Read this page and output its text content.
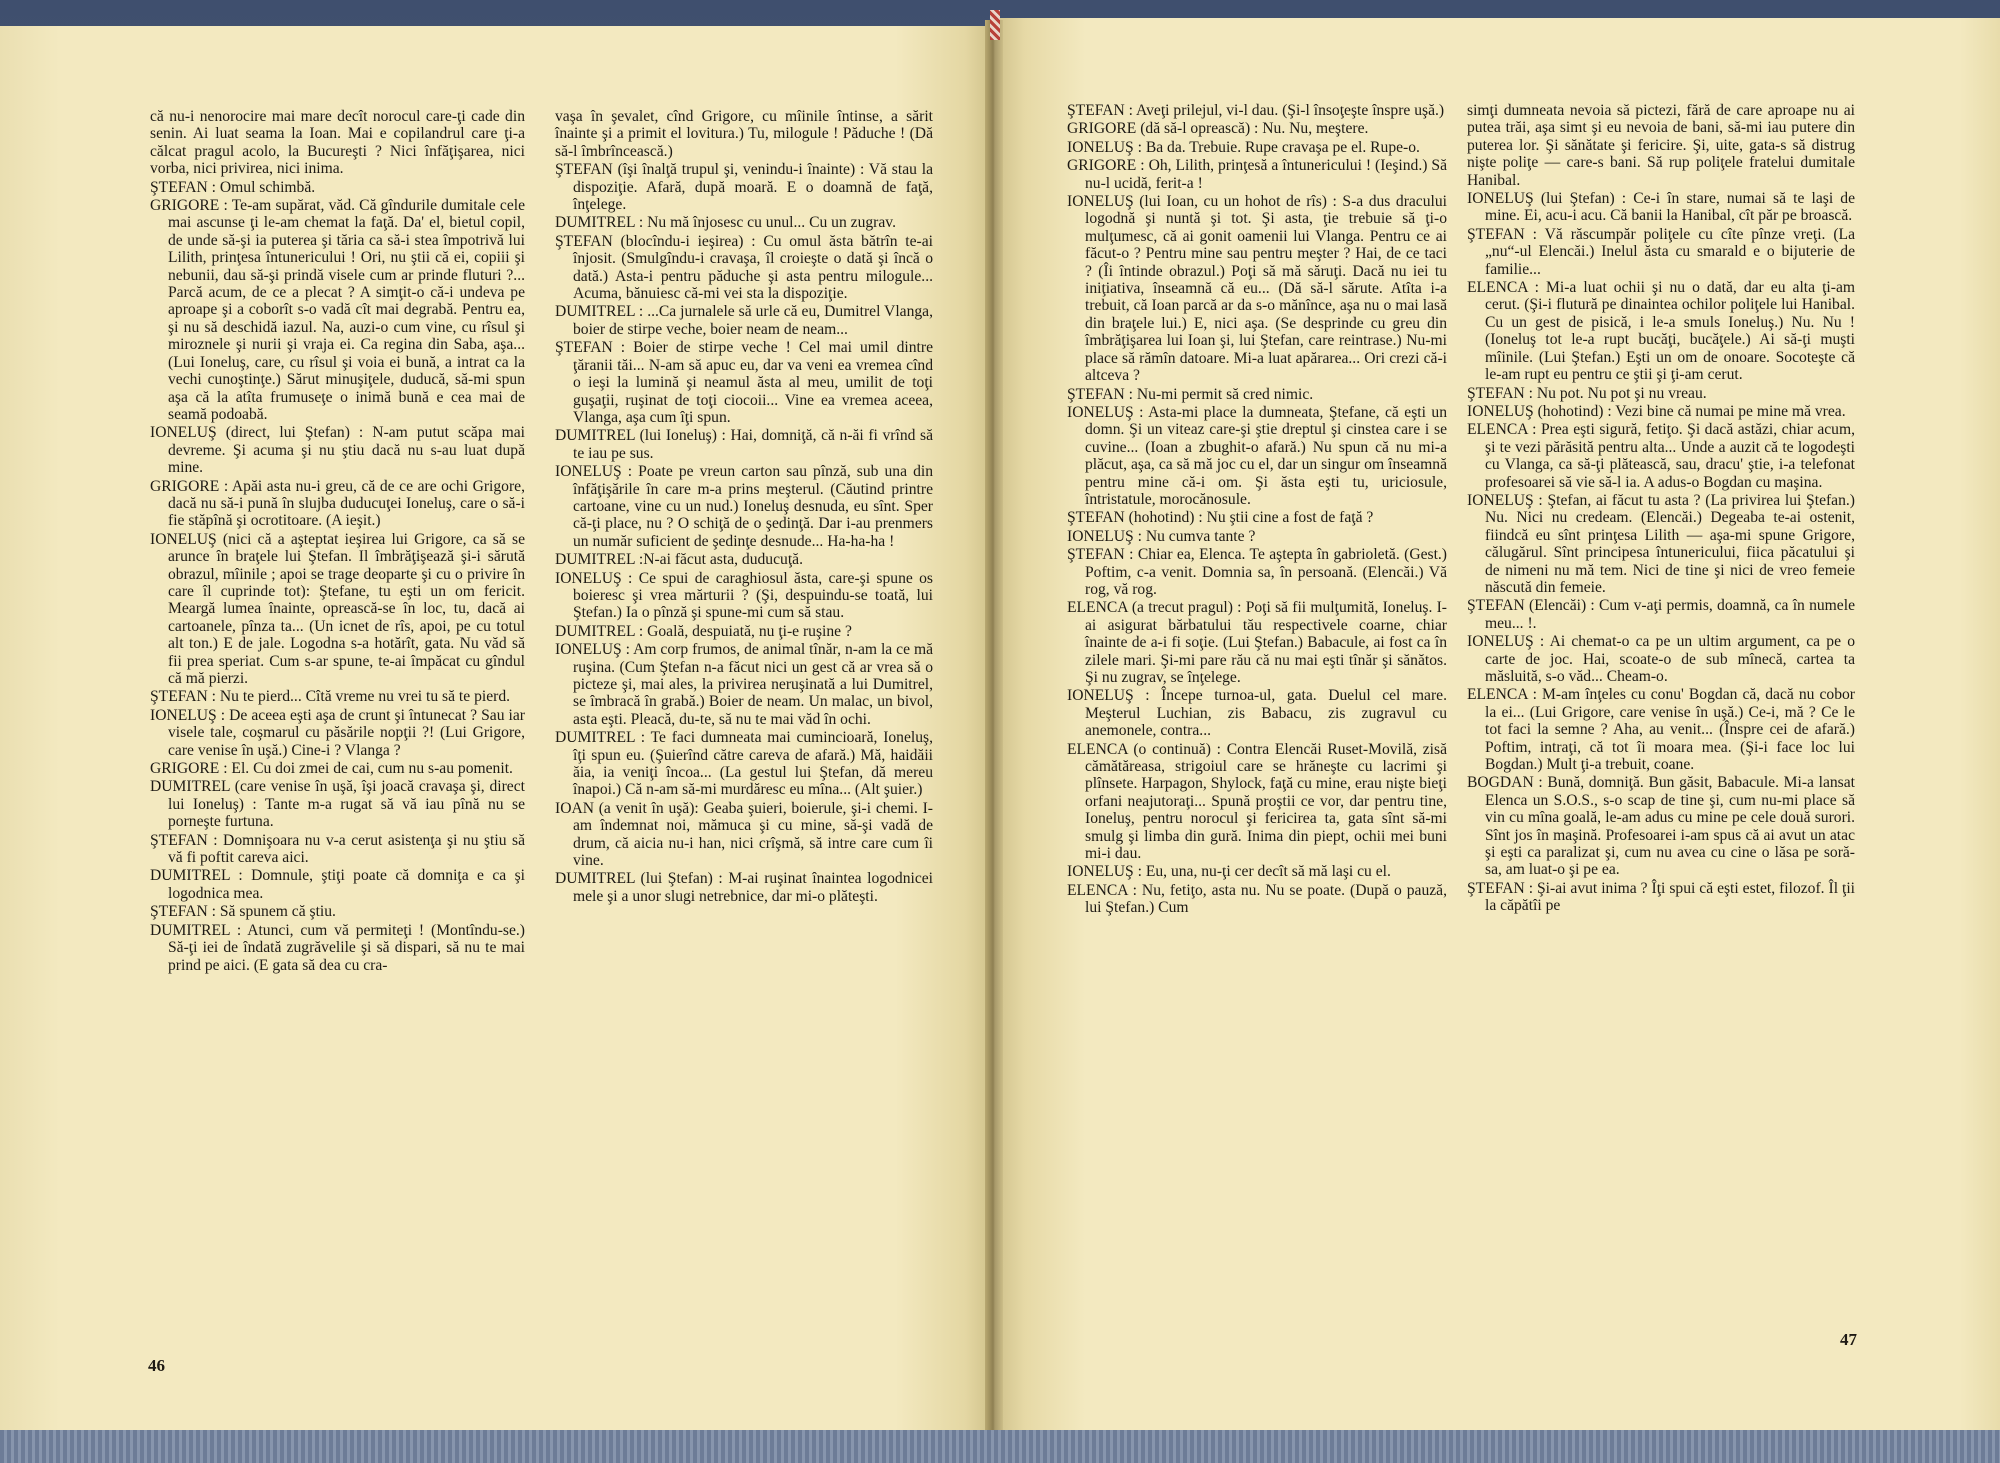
că nu-i nenorocire mai mare decît norocul care-ţi cade din senin. Ai luat seama la Ioan. Mai e copilandrul care ţi-a călcat pragul acolo, la Bucureşti ? Nici înfăţişarea, nici vorba, nici privirea, nici inima.

ŞTEFAN : Omul schimbă.

GRIGORE : Te-am supărat, văd. Că gîndurile dumitale cele mai ascunse ţi le-am chemat la faţă. Da' el, bietul copil, de unde să-şi ia puterea şi tăria ca să-i stea împotrivă lui Lilith, prinţesa întunericului ! Ori, nu ştii că ei, copiii şi nebunii, dau să-şi prindă visele cum ar prinde fluturi ?... Parcă acum, de ce a plecat ? A simţit-o că-i undeva pe aproape şi a coborît s-o vadă cît mai degrabă. Pentru ea, şi nu să deschidă iazul. Na, auzi-o cum vine, cu rîsul şi miroznele şi nurii şi vraja ei. Ca regina din Saba, aşa... (Lui Ioneluş, care, cu rîsul şi voia ei bună, a intrat ca la vechi cunoştinţe.) Sărut minuşiţele, duducă, să-mi spun aşa că la atîta frumuseţe o inimă bună e cea mai de seamă podoabă.

IONELUŞ (direct, lui Ştefan) : N-am putut scăpa mai devreme. Şi acuma şi nu ştiu dacă nu s-au luat după mine.

GRIGORE : Apăi asta nu-i greu, că de ce are ochi Grigore, dacă nu să-i pună în slujba duducuţei Ioneluş, care o să-i fie stăpînă şi ocrotitoare. (A ieşit.)

IONELUŞ (nici că a aşteptat ieşirea lui Grigore, ca să se arunce în braţele lui Ştefan. Il îmbrăţişează şi-i sărută obrazul, mîinile ; apoi se trage deoparte şi cu o privire în care îl cuprinde tot): Ştefane, tu eşti un om fericit. Meargă lumea înainte, oprească-se în loc, tu, dacă ai cartoanele, pînza ta... (Un icnet de rîs, apoi, pe cu totul alt ton.) E de jale. Logodna s-a hotărît, gata. Nu văd să fii prea speriat. Cum s-ar spune, te-ai împăcat cu gîndul că mă pierzi.

ŞTEFAN : Nu te pierd... Cîtă vreme nu vrei tu să te pierd.

IONELUŞ : De aceea eşti aşa de crunt şi întunecat ? Sau iar visele tale, coşmarul cu păsările nopţii ?! (Lui Grigore, care venise în uşă.) Cine-i ? Vlanga ?

GRIGORE : El. Cu doi zmei de cai, cum nu s-au pomenit.

DUMITREL (care venise în uşă, îşi joacă cravaşa şi, direct lui Ioneluş) : Tante m-a rugat să vă iau pînă nu se porneşte furtuna.

ŞTEFAN : Domnişoara nu v-a cerut asistenţa şi nu ştiu să vă fi poftit careva aici.

DUMITREL : Domnule, ştiţi poate că domniţa e ca şi logodnica mea.

ŞTEFAN : Să spunem că ştiu.

DUMITREL : Atunci, cum vă permiteţi ! (Montîndu-se.) Să-ţi iei de îndată zugrăvelile şi să dispari, să nu te mai prind pe aici. (E gata să dea cu cra-

vaşa în şevalet, cînd Grigore, cu mîinile întinse, a sărit înainte şi a primit el lovitura.) Tu, milogule ! Păduche ! (Dă să-l îmbrîncească.)

ŞTEFAN (îşi înalţă trupul şi, venindu-i înainte) : Vă stau la dispoziţie. Afară, după moară. E o doamnă de faţă, înţelege.

DUMITREL : Nu mă înjosesc cu unul... Cu un zugrav.

ŞTEFAN (blocîndu-i ieşirea) : Cu omul ăsta bătrîn te-ai înjosit. (Smulgîndu-i cravaşa, îl croieşte o dată şi încă o dată.) Asta-i pentru păduche şi asta pentru milogule... Acuma, bănuiesc că-mi vei sta la dispoziţie.

DUMITREL : ...Ca jurnalele să urle că eu, Dumitrel Vlanga, boier de stirpe veche, boier neam de neam...

ŞTEFAN : Boier de stirpe veche ! Cel mai umil dintre ţăranii tăi... N-am să apuc eu, dar va veni ea vremea cînd o ieşi la lumină şi neamul ăsta al meu, umilit de toţi guşaţii, ruşinat de toţi ciocoii... Vine ea vremea aceea, Vlanga, aşa cum îţi spun.

DUMITREL (lui Ioneluş) : Hai, domniţă, că n-ăi fi vrînd să te iau pe sus.

IONELUŞ : Poate pe vreun carton sau pînză, sub una din înfăţişările în care m-a prins meşterul. (Căutind printre cartoane, vine cu un nud.) Ioneluş desnuda, eu sînt. Sper că-ţi place, nu ? O schiţă de o şedinţă. Dar i-au prenmers un număr suficient de şedinţe desnude... Ha-ha-ha !

DUMITREL :N-ai făcut asta, duducuţă.

IONELUŞ : Ce spui de caraghiosul ăsta, care-şi spune os boieresc şi vrea mărturii ? (Şi, despuindu-se toată, lui Ştefan.) Ia o pînză şi spune-mi cum să stau.

DUMITREL : Goală, despuiată, nu ţi-e ruşine ?

IONELUŞ : Am corp frumos, de animal tînăr, n-am la ce mă ruşina. (Cum Ştefan n-a făcut nici un gest că ar vrea să o picteze şi, mai ales, la privirea neruşinată a lui Dumitrel, se îmbracă în grabă.) Boier de neam. Un malac, un bivol, asta eşti. Pleacă, du-te, să nu te mai văd în ochi.

DUMITREL : Te faci dumneata mai cumincioară, Ioneluş, îţi spun eu. (Şuierînd către careva de afară.) Mă, haidăii ăia, ia veniţi încoa... (La gestul lui Ştefan, dă mereu înapoi.) Că n-am să-mi murdăresc eu mîna... (Alt şuier.)

IOAN (a venit în uşă): Geaba şuieri, boierule, şi-i chemi. I-am îndemnat noi, mămuca şi cu mine, să-şi vadă de drum, că aicia nu-i han, nici crîşmă, să intre care cum îi vine.

DUMITREL (lui Ştefan) : M-ai ruşinat înaintea logodnicei mele şi a unor slugi netrebnice, dar mi-o plăteşti.

46

ŞTEFAN : Aveţi prilejul, vi-l dau. (Şi-l însoţeşte înspre uşă.)

GRIGORE (dă să-l oprească) : Nu. Nu, meştere.

IONELUŞ : Ba da. Trebuie. Rupe cravaşa pe el. Rupe-o.

GRIGORE : Oh, Lilith, prinţesă a întunericului ! (Ieşind.) Să nu-l ucidă, ferit-a !

IONELUŞ (lui Ioan, cu un hohot de rîs) : S-a dus dracului logodnă şi nuntă şi tot. Şi asta, ţie trebuie să ţi-o mulţumesc, că ai gonit oamenii lui Vlanga. Pentru ce ai făcut-o ? Pentru mine sau pentru meşter ? Hai, de ce taci ? (Îi întinde obrazul.) Poţi să mă săruţi. Dacă nu iei tu iniţiativa, înseamnă că eu... (Dă să-l sărute. Atîta i-a trebuit, că Ioan parcă ar da s-o mănînce, aşa nu o mai lasă din braţele lui.) E, nici aşa. (Se desprinde cu greu din îmbrăţişarea lui Ioan şi, lui Ştefan, care reintrase.) Nu-mi place să rămîn datoare. Mi-a luat apărarea... Ori crezi că-i altceva ?

ŞTEFAN : Nu-mi permit să cred nimic.

IONELUŞ : Asta-mi place la dumneata, Ştefane, că eşti un domn. Şi un viteaz care-şi ştie dreptul şi cinstea care i se cuvine... (Ioan a zbughit-o afară.) Nu spun că nu mi-a plăcut, aşa, ca să mă joc cu el, dar un singur om înseamnă pentru mine că-i om. Şi ăsta eşti tu, uriciosule, întristatule, morocănosule.

ŞTEFAN (hohotind) : Nu ştii cine a fost de faţă ?

IONELUŞ : Nu cumva tante ?

ŞTEFAN : Chiar ea, Elenca. Te aştepta în gabrioletă. (Gest.) Poftim, c-a venit. Domnia sa, în persoană. (Elencăi.) Vă rog, vă rog.

ELENCA (a trecut pragul) : Poţi să fii mulţumită, Ioneluş. I-ai asigurat bărbatului tău respectivele coarne, chiar înainte de a-i fi soţie. (Lui Ştefan.) Babacule, ai fost ca în zilele mari. Şi-mi pare rău că nu mai eşti tînăr şi sănătos. Şi nu zugrav, se înţelege.

IONELUŞ : Începe turnoa-ul, gata. Duelul cel mare. Meşterul Luchian, zis Babacu, zis zugravul cu anemonele, contra...

ELENCA (o continuă) : Contra Elencăi Ruset-Movilă, zisă cămătăreasa, strigoiul care se hrăneşte cu lacrimi şi plînsete. Harpagon, Shylock, faţă cu mine, erau nişte bieţi orfani neajutoraţi... Spună proştii ce vor, dar pentru tine, Ioneluş, pentru norocul şi fericirea ta, gata sînt să-mi smulg şi limba din gură. Inima din piept, ochii mei buni mi-i dau.

IONELUŞ : Eu, una, nu-ţi cer decît să mă laşi cu el.

ELENCA : Nu, fetiţo, asta nu. Nu se poate. (După o pauză, lui Ştefan.) Cum

simţi dumneata nevoia să pictezi, fără de care aproape nu ai putea trăi, aşa simt şi eu nevoia de bani, să-mi iau putere din puterea lor. Şi sănătate şi fericire. Şi, uite, gata-s să distrug nişte poliţe — care-s bani. Să rup poliţele fratelui dumitale Hanibal.

IONELUŞ (lui Ştefan) : Ce-i în stare, numai să te laşi de mine. Ei, acu-i acu. Că banii la Hanibal, cît păr pe broască.

ŞTEFAN : Vă răscumpăr poliţele cu cîte pînze vreţi. (La „nu“-ul Elencăi.) Inelul ăsta cu smarald e o bijuterie de familie...

ELENCA : Mi-a luat ochii şi nu o dată, dar eu alta ţi-am cerut. (Şi-i flutură pe dinaintea ochilor poliţele lui Hanibal. Cu un gest de pisică, i le-a smuls Ioneluş.) Nu. Nu ! (Ioneluş tot le-a rupt bucăţi, bucăţele.) Ai să-ţi muşti mîinile. (Lui Ştefan.) Eşti un om de onoare. Socoteşte că le-am rupt eu pentru ce ştii şi ţi-am cerut.

ŞTEFAN : Nu pot. Nu pot şi nu vreau.

IONELUŞ (hohotind) : Vezi bine că numai pe mine mă vrea.

ELENCA : Prea eşti sigură, fetiţo. Şi dacă astăzi, chiar acum, şi te vezi părăsită pentru alta... Unde a auzit că te logodeşti cu Vlanga, ca să-ţi plătească, sau, dracu' ştie, i-a telefonat profesoarei să vie să-l ia. A adus-o Bogdan cu maşina.

IONELUŞ : Ştefan, ai făcut tu asta ? (La privirea lui Ştefan.) Nu. Nici nu credeam. (Elencăi.) Degeaba te-ai ostenit, fiindcă eu sînt prinţesa Lilith — aşa-mi spune Grigore, călugărul. Sînt principesa întunericului, fiica păcatului şi de nimeni nu mă tem. Nici de tine şi nici de vreo femeie născută din femeie.

ŞTEFAN (Elencăi) : Cum v-aţi permis, doamnă, ca în numele meu... !.

IONELUŞ : Ai chemat-o ca pe un ultim argument, ca pe o carte de joc. Hai, scoate-o de sub mînecă, cartea ta măsluită, s-o văd... Cheam-o.

ELENCA : M-am înţeles cu conu' Bogdan că, dacă nu cobor la ei... (Lui Grigore, care venise în uşă.) Ce-i, mă ? Ce le tot faci la semne ? Aha, au venit... (Înspre cei de afară.) Poftim, intraţi, că tot îi moara mea. (Şi-i face loc lui Bogdan.) Mult ţi-a trebuit, coane.

BOGDAN : Bună, domniţă. Bun găsit, Babacule. Mi-a lansat Elenca un S.O.S., s-o scap de tine şi, cum nu-mi place să vin cu mîna goală, le-am adus cu mine pe cele două surori. Sînt jos în maşină. Profesoarei i-am spus că ai avut un atac şi eşti ca paralizat şi, cum nu avea cu cine o lăsa pe soră-sa, am luat-o şi pe ea.

ŞTEFAN : Şi-ai avut inima ? Îţi spui că eşti estet, filozof. Îl ţii la căpătîi pe

47
